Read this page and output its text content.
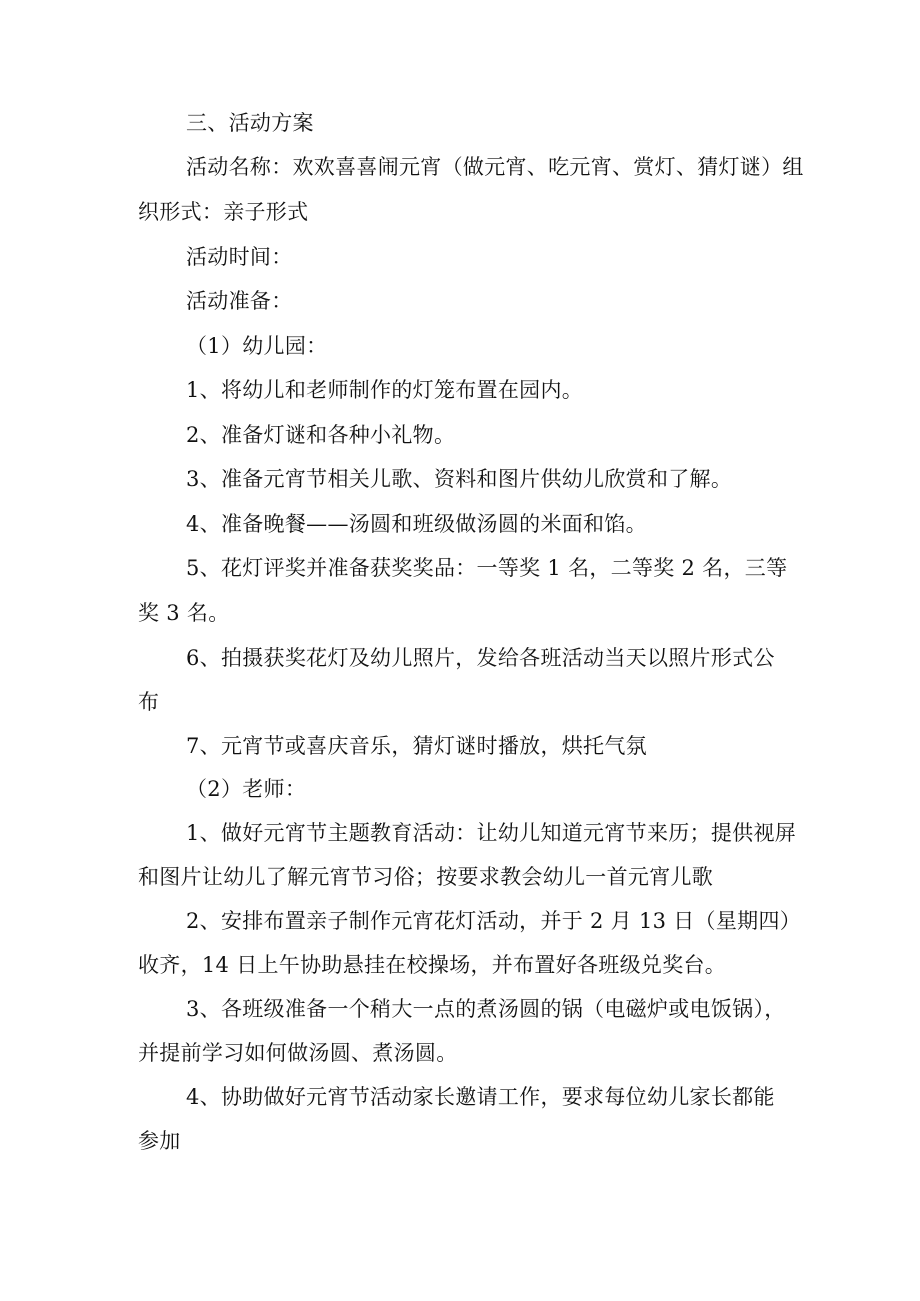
三、活动方案
活动名称：欢欢喜喜闹元宵（做元宵、吃元宵、赏灯、猜灯谜）组
织形式：亲子形式
活动时间：
活动准备：
（1）幼儿园：
1、将幼儿和老师制作的灯笼布置在园内。
2、准备灯谜和各种小礼物。
3、准备元宵节相关儿歌、资料和图片供幼儿欣赏和了解。
4、准备晚餐——汤圆和班级做汤圆的米面和馅。
5、花灯评奖并准备获奖奖品：一等奖 1 名，二等奖 2 名，三等
奖 3 名。
6、拍摄获奖花灯及幼儿照片，发给各班活动当天以照片形式公
布
7、元宵节或喜庆音乐，猜灯谜时播放，烘托气氛
（2）老师：
1、做好元宵节主题教育活动：让幼儿知道元宵节来历；提供视屏
和图片让幼儿了解元宵节习俗；按要求教会幼儿一首元宵儿歌
2、安排布置亲子制作元宵花灯活动，并于 2 月 13 日（星期四）
收齐，14 日上午协助悬挂在校操场，并布置好各班级兑奖台。
3、各班级准备一个稍大一点的煮汤圆的锅（电磁炉或电饭锅），
并提前学习如何做汤圆、煮汤圆。
4、协助做好元宵节活动家长邀请工作，要求每位幼儿家长都能
参加
